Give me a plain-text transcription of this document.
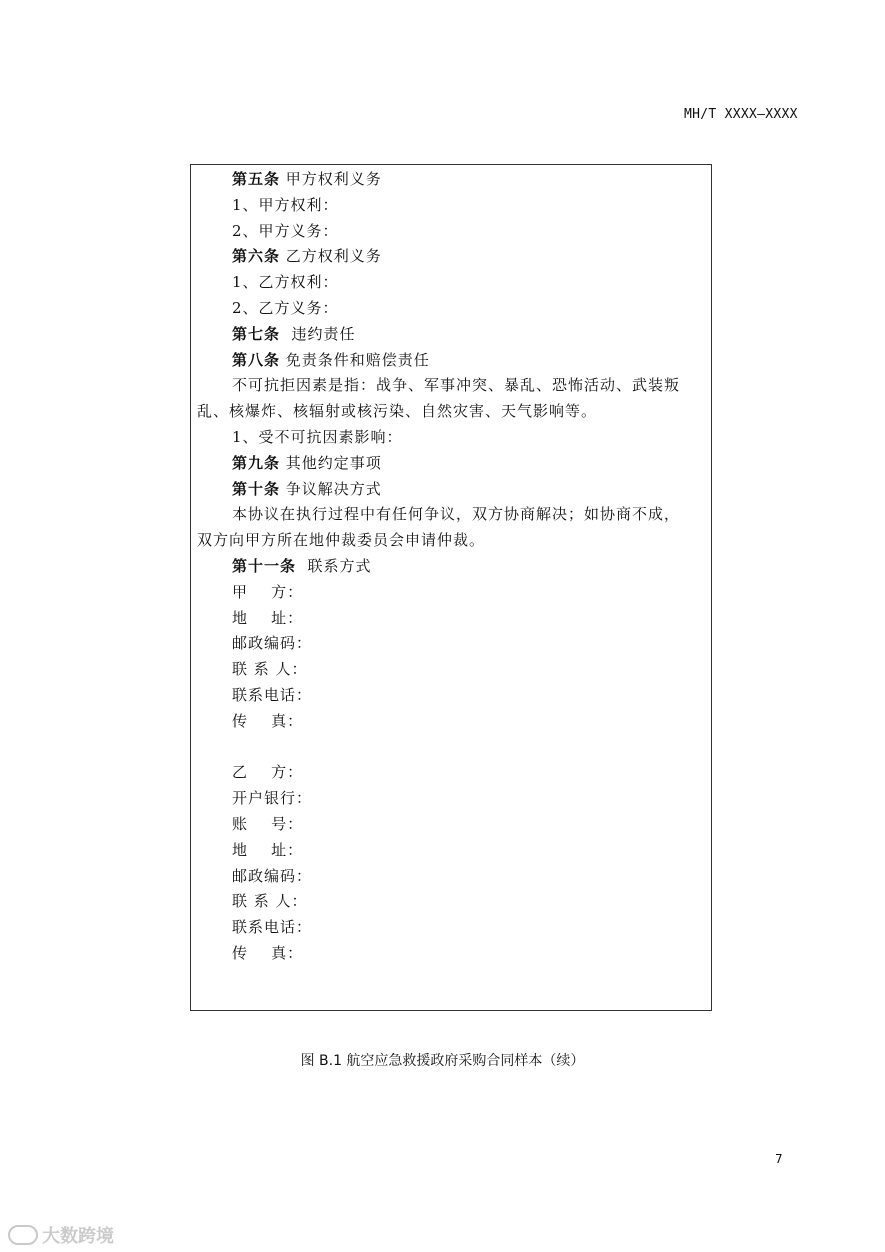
MH/T XXXX—XXXX
第五条 甲方权利义务
1、甲方权利：
2、甲方义务：
第六条 乙方权利义务
1、乙方权利：
2、乙方义务：
第七条  违约责任
第八条 免责条件和赔偿责任
不可抗拒因素是指：战争、军事冲突、暴乱、恐怖活动、武装叛
乱、核爆炸、核辐射或核污染、自然灾害、天气影响等。
1、受不可抗因素影响：
第九条 其他约定事项
第十条 争议解决方式
本协议在执行过程中有任何争议，双方协商解决；如协商不成，
双方向甲方所在地仲裁委员会申请仲裁。
第十一条  联系方式
甲    方：
地    址：
邮政编码：
联 系 人：
联系电话：
传    真：
乙    方：
开户银行：
账    号：
地    址：
邮政编码：
联 系 人：
联系电话：
传    真：
图 B.1 航空应急救援政府采购合同样本（续）
7
大数跨境
